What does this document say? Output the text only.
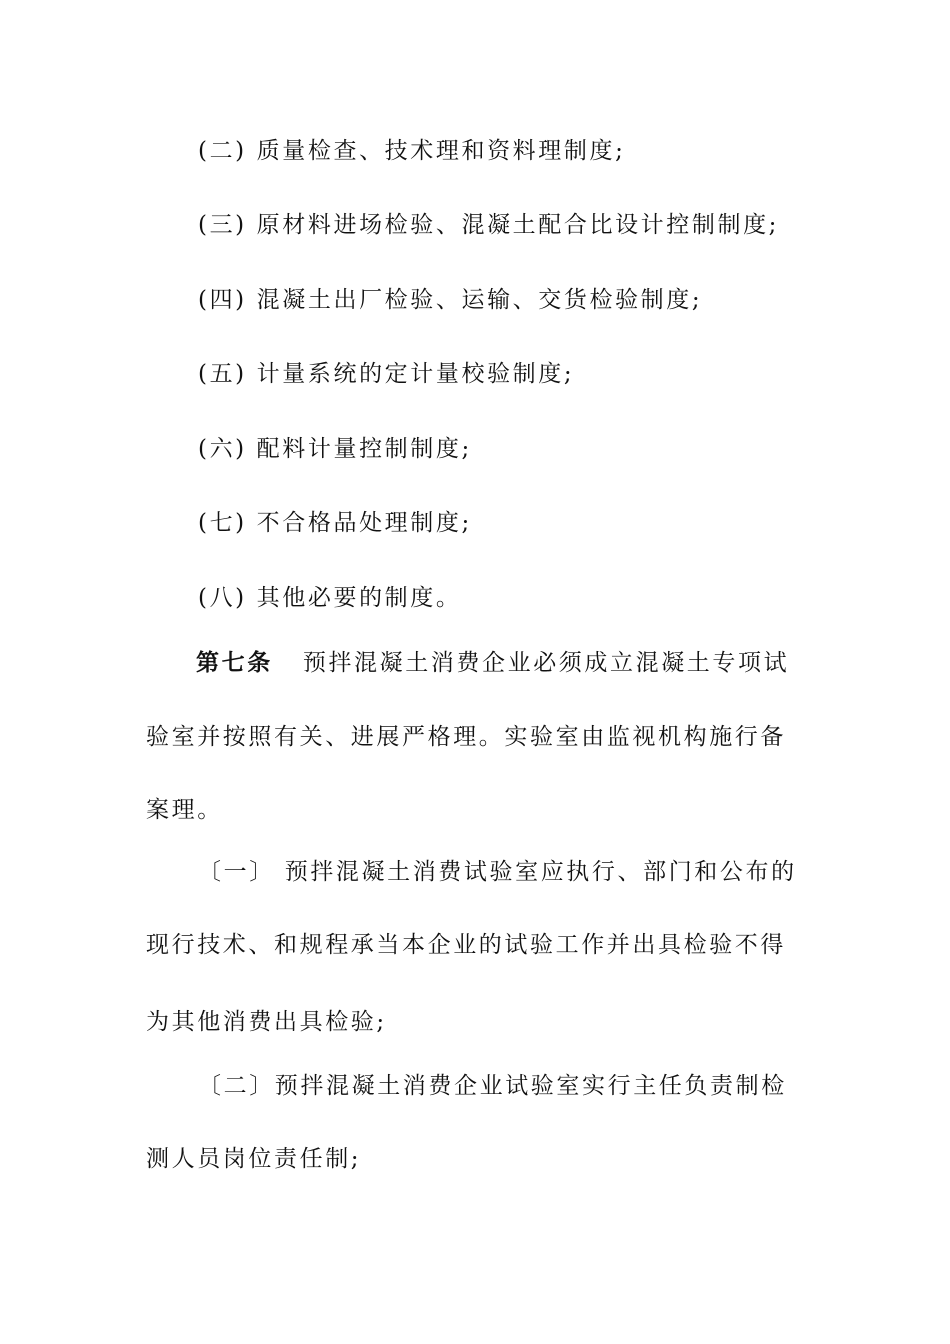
(二) 质量检查、技术理和资料理制度;

(三) 原材料进场检验、混凝土配合比设计控制制度;

(四) 混凝土出厂检验、运输、交货检验制度;

(五) 计量系统的定计量校验制度;

(六) 配料计量控制制度;

(七) 不合格品处理制度;

(八) 其他必要的制度。

第七条 预拌混凝土消费企业必须成立混凝土专项试

验室并按照有关、进展严格理。实验室由监视机构施行备

案理。

〔一〕 预拌混凝土消费试验室应执行、部门和公布的

现行技术、和规程承当本企业的试验工作并出具检验不得

为其他消费出具检验;

〔二〕预拌混凝土消费企业试验室实行主任负责制检

测人员岗位责任制;
